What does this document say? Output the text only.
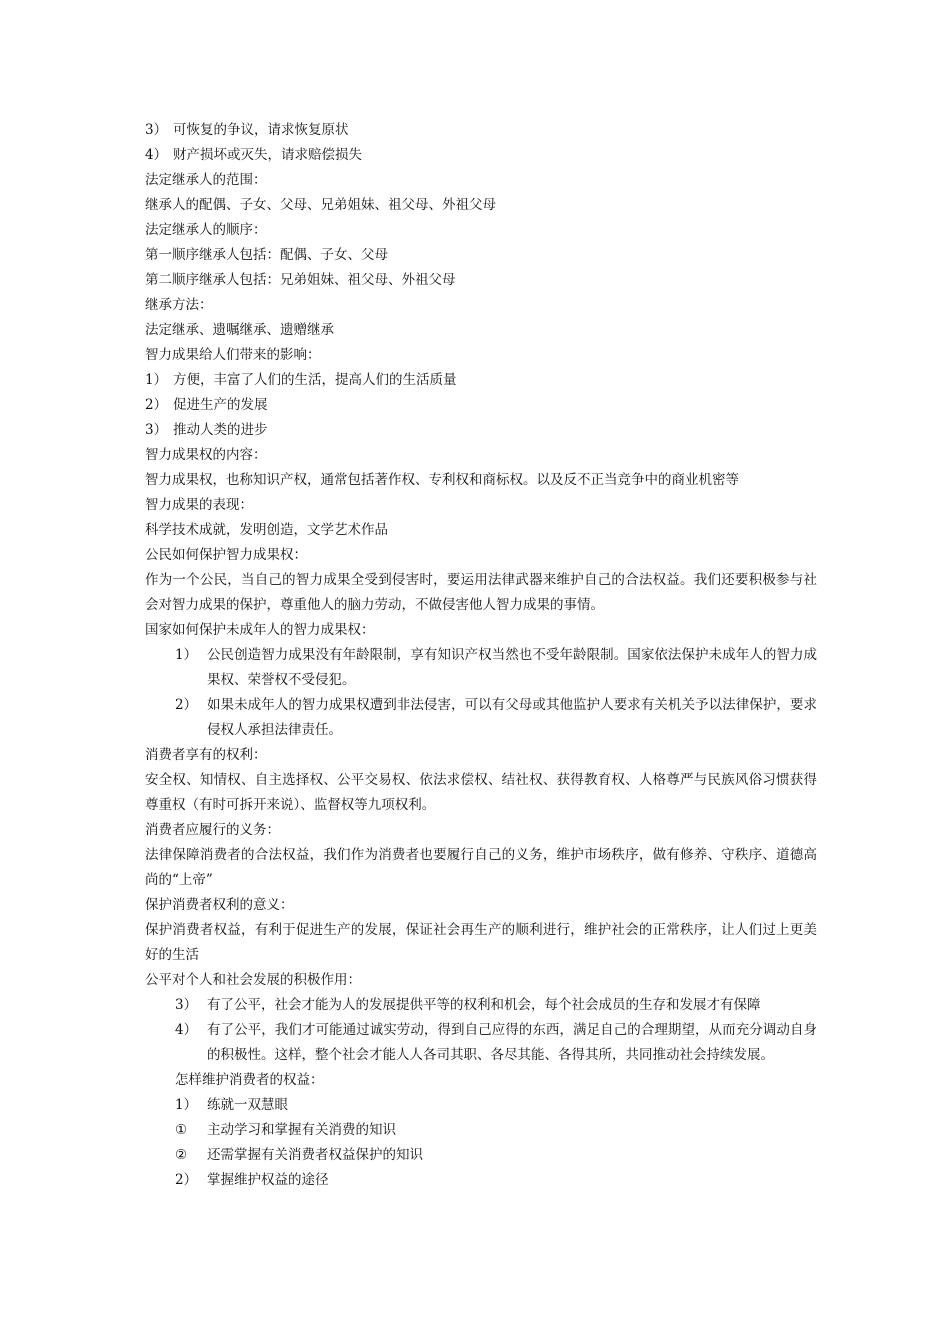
3） 可恢复的争议，请求恢复原状
4） 财产损坏或灭失，请求赔偿损失

法定继承人的范围：

继承人的配偶、子女、父母、兄弟姐妹、祖父母、外祖父母

法定继承人的顺序：

第一顺序继承人包括：配偶、子女、父母

第二顺序继承人包括：兄弟姐妹、祖父母、外祖父母

继承方法：

法定继承、遗嘱继承、遗赠继承

智力成果给人们带来的影响：

1） 方便，丰富了人们的生活，提高人们的生活质量
2） 促进生产的发展
3） 推动人类的进步

智力成果权的内容：

智力成果权，也称知识产权，通常包括著作权、专利权和商标权。以及反不正当竞争中的商业机密等

智力成果的表现：

科学技术成就，发明创造，文学艺术作品

公民如何保护智力成果权：

作为一个公民，当自己的智力成果全受到侵害时，要运用法律武器来维护自己的合法权益。我们还要积极参与社会对智力成果的保护，尊重他人的脑力劳动，不做侵害他人智力成果的事情。

国家如何保护未成年人的智力成果权：

1） 公民创造智力成果没有年龄限制，享有知识产权当然也不受年龄限制。国家依法保护未成年人的智力成果权、荣誉权不受侵犯。
2） 如果未成年人的智力成果权遭到非法侵害，可以有父母或其他监护人要求有关机关予以法律保护，要求侵权人承担法律责任。

消费者享有的权利：

安全权、知情权、自主选择权、公平交易权、依法求偿权、结社权、获得教育权、人格尊严与民族风俗习惯获得尊重权（有时可拆开来说）、监督权等九项权利。

消费者应履行的义务：

法律保障消费者的合法权益，我们作为消费者也要履行自己的义务，维护市场秩序，做有修养、守秩序、道德高尚的“上帝”

保护消费者权利的意义：

保护消费者权益，有利于促进生产的发展，保证社会再生产的顺利进行，维护社会的正常秩序，让人们过上更美好的生活

公平对个人和社会发展的积极作用：

3） 有了公平，社会才能为人的发展提供平等的权利和机会，每个社会成员的生存和发展才有保障
4） 有了公平，我们才可能通过诚实劳动，得到自己应得的东西，满足自己的合理期望，从而充分调动自身的积极性。这样，整个社会才能人人各司其职、各尽其能、各得其所，共同推动社会持续发展。

怎样维护消费者的权益：

1） 练就一双慧眼
①	主动学习和掌握有关消费的知识
②	还需掌握有关消费者权益保护的知识
2） 掌握维护权益的途径
